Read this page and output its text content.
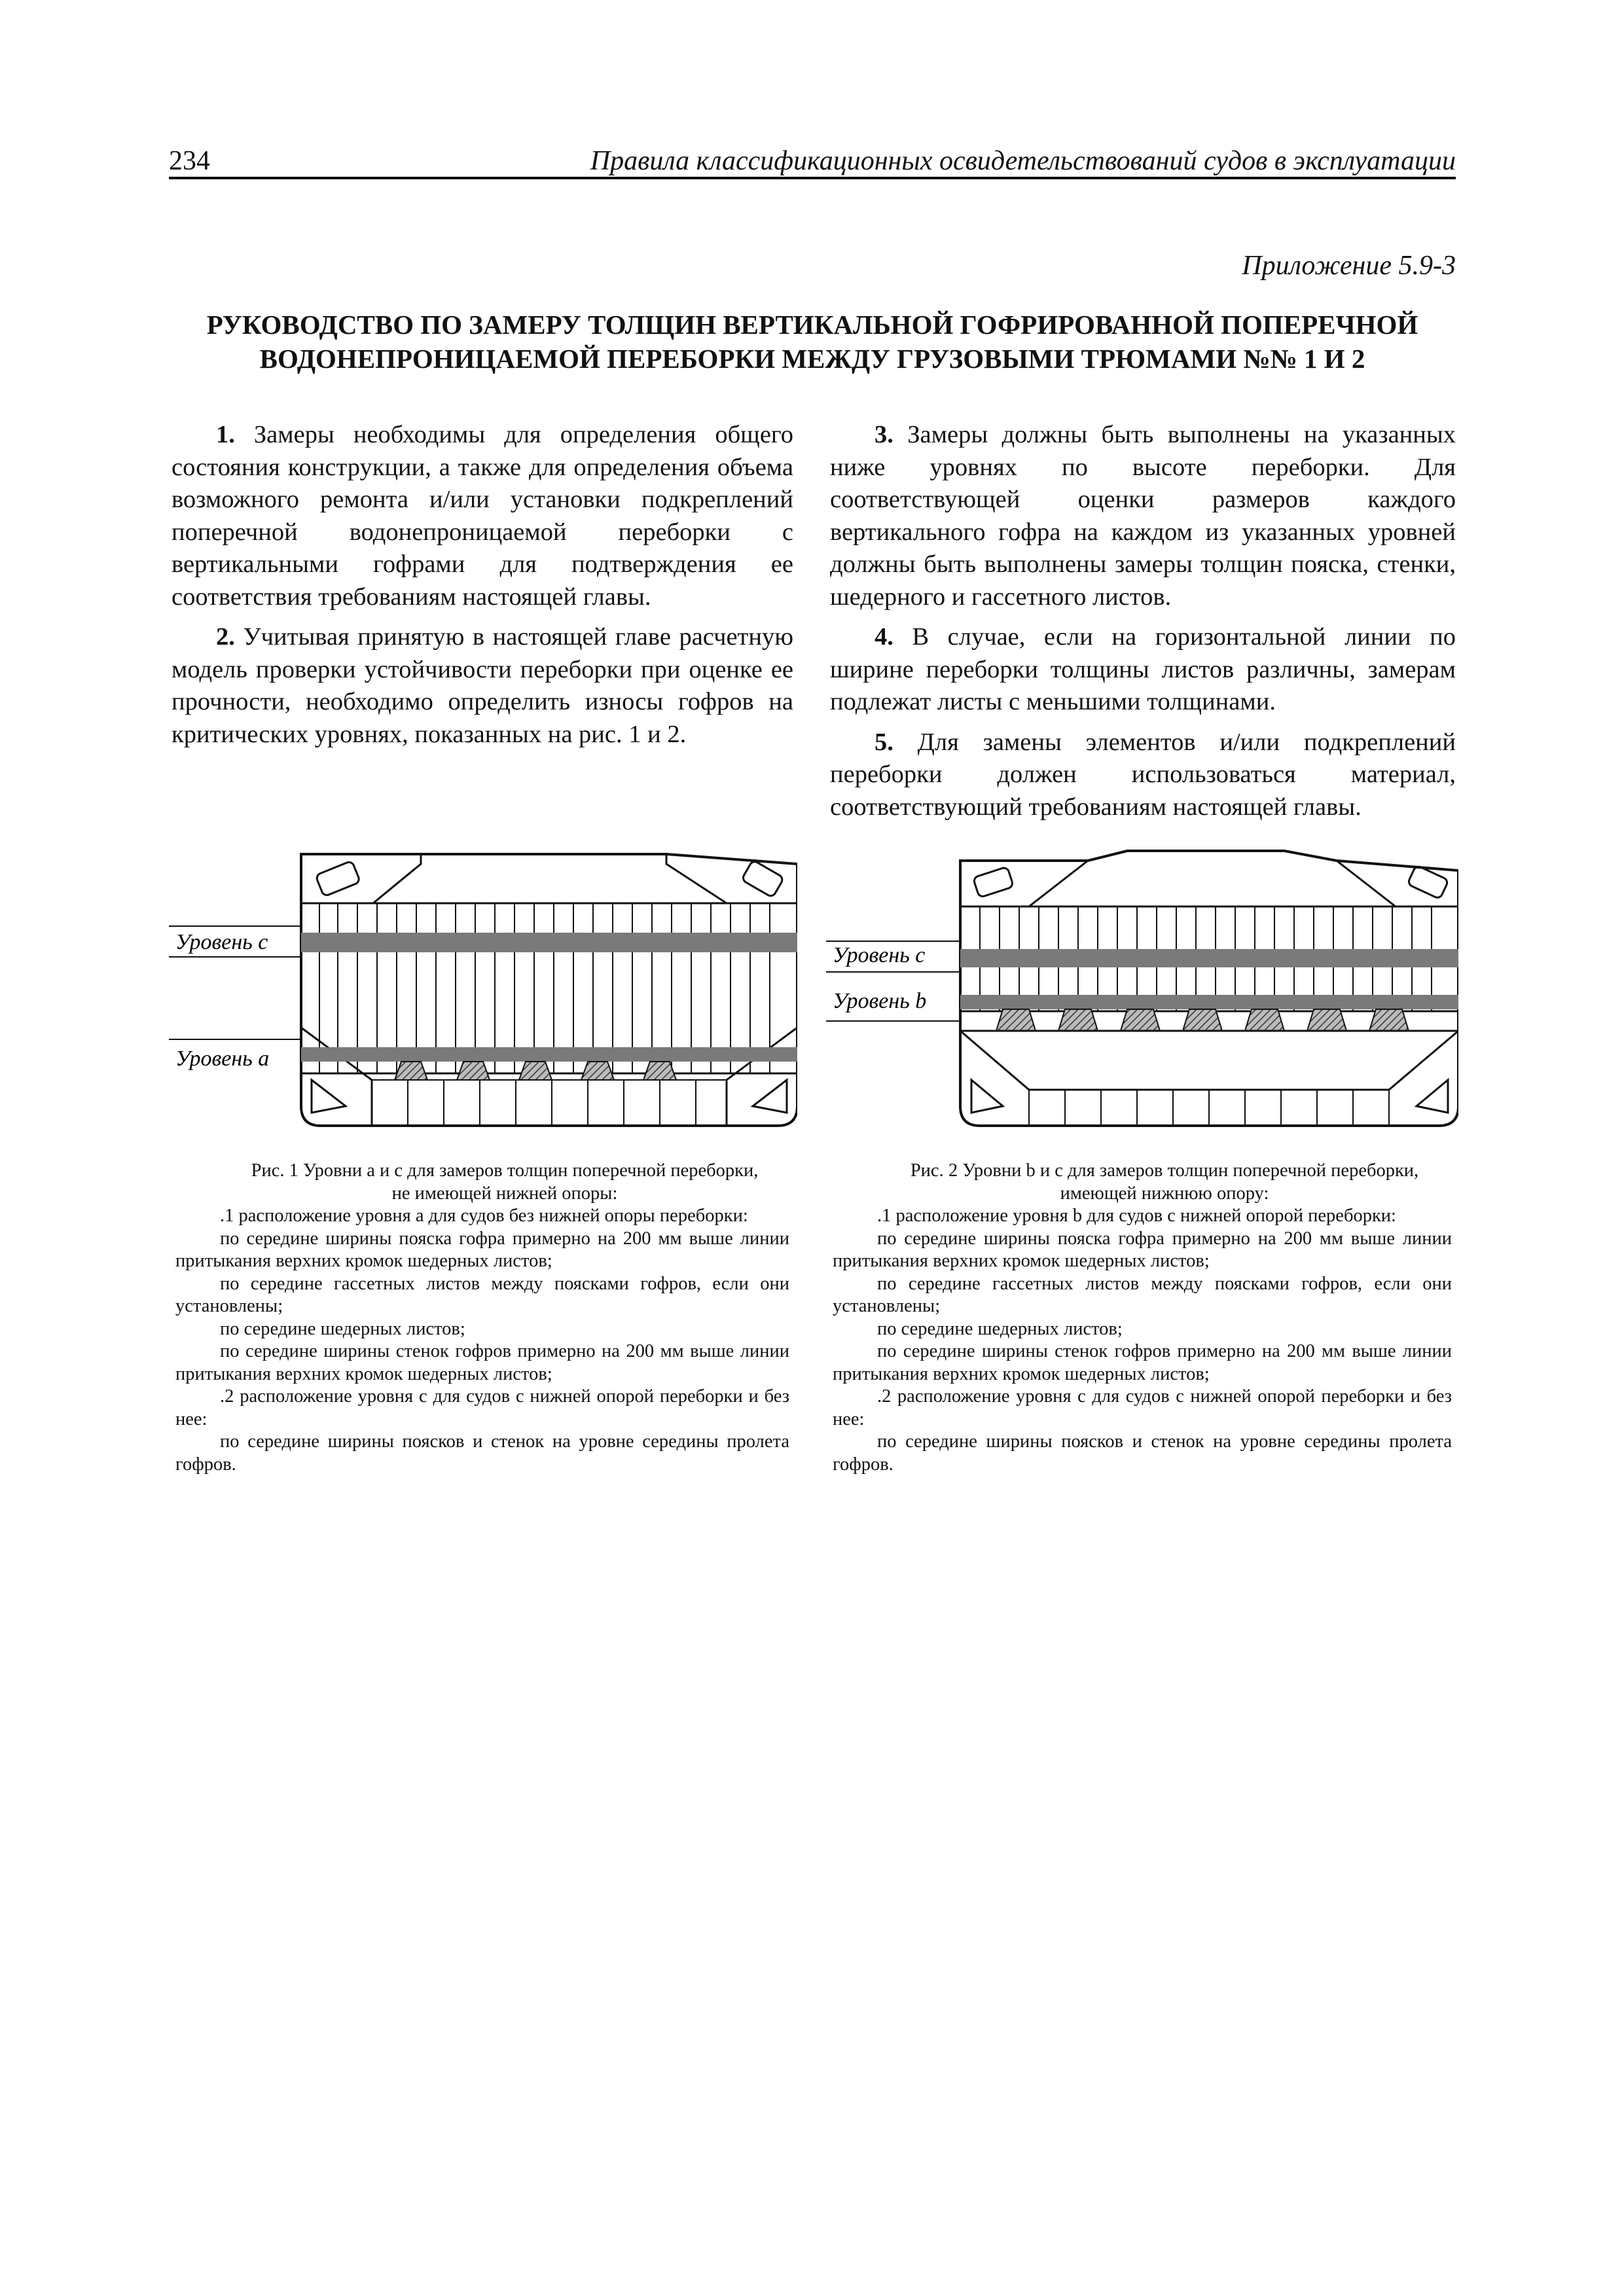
234	Правила классификационных освидетельствований судов в эксплуатации
Приложение 5.9-3
РУКОВОДСТВО ПО ЗАМЕРУ ТОЛЩИН ВЕРТИКАЛЬНОЙ ГОФРИРОВАННОЙ ПОПЕРЕЧНОЙ
ВОДОНЕПРОНИЦАЕМОЙ ПЕРЕБОРКИ МЕЖДУ ГРУЗОВЫМИ ТРЮМАМИ №№ 1 И 2

1. Замеры необходимы для определения общего состояния конструкции, а также для определения объема возможного ремонта и/или установки подкреплений поперечной водонепроницаемой переборки с вертикальными гофрами для подтверждения ее соответствия требованиям настоящей главы.

2. Учитывая принятую в настоящей главе расчетную модель проверки устойчивости переборки при оценке ее прочности, необходимо определить износы гофров на критических уровнях, показанных на рис. 1 и 2.

3. Замеры должны быть выполнены на указанных ниже уровнях по высоте переборки. Для соответствующей оценки размеров каждого вертикального гофра на каждом из указанных уровней должны быть выполнены замеры толщин пояска, стенки, шедерного и гассетного листов.

4. В случае, если на горизонтальной линии по ширине переборки толщины листов различны, замерам подлежат листы с меньшими толщинами.

5. Для замены элементов и/или подкреплений переборки должен использоваться материал, соответствующий требованиям настоящей главы.

Уровень c
Уровень a
Уровень c
Уровень b

Рис. 1 Уровни a и c для замеров толщин поперечной переборки,

не имеющей нижней опоры:

.1 расположение уровня a для судов без нижней опоры переборки:

по середине ширины пояска гофра примерно на 200 мм выше линии притыкания верхних кромок шедерных листов;

по середине гассетных листов между поясками гофров, если они установлены;

по середине шедерных листов;

по середине ширины стенок гофров примерно на 200 мм выше линии притыкания верхних кромок шедерных листов;

.2 расположение уровня c для судов с нижней опорой переборки и без нее:

по середине ширины поясков и стенок на уровне середины пролета гофров.

Рис. 2 Уровни b и c для замеров толщин поперечной переборки,

имеющей нижнюю опору:

.1 расположение уровня b для судов с нижней опорой переборки:

по середине ширины пояска гофра примерно на 200 мм выше линии притыкания верхних кромок шедерных листов;

по середине гассетных листов между поясками гофров, если они установлены;

по середине шедерных листов;

по середине ширины стенок гофров примерно на 200 мм выше линии притыкания верхних кромок шедерных листов;

.2 расположение уровня c для судов с нижней опорой переборки и без нее:

по середине ширины поясков и стенок на уровне середины пролета гофров.
